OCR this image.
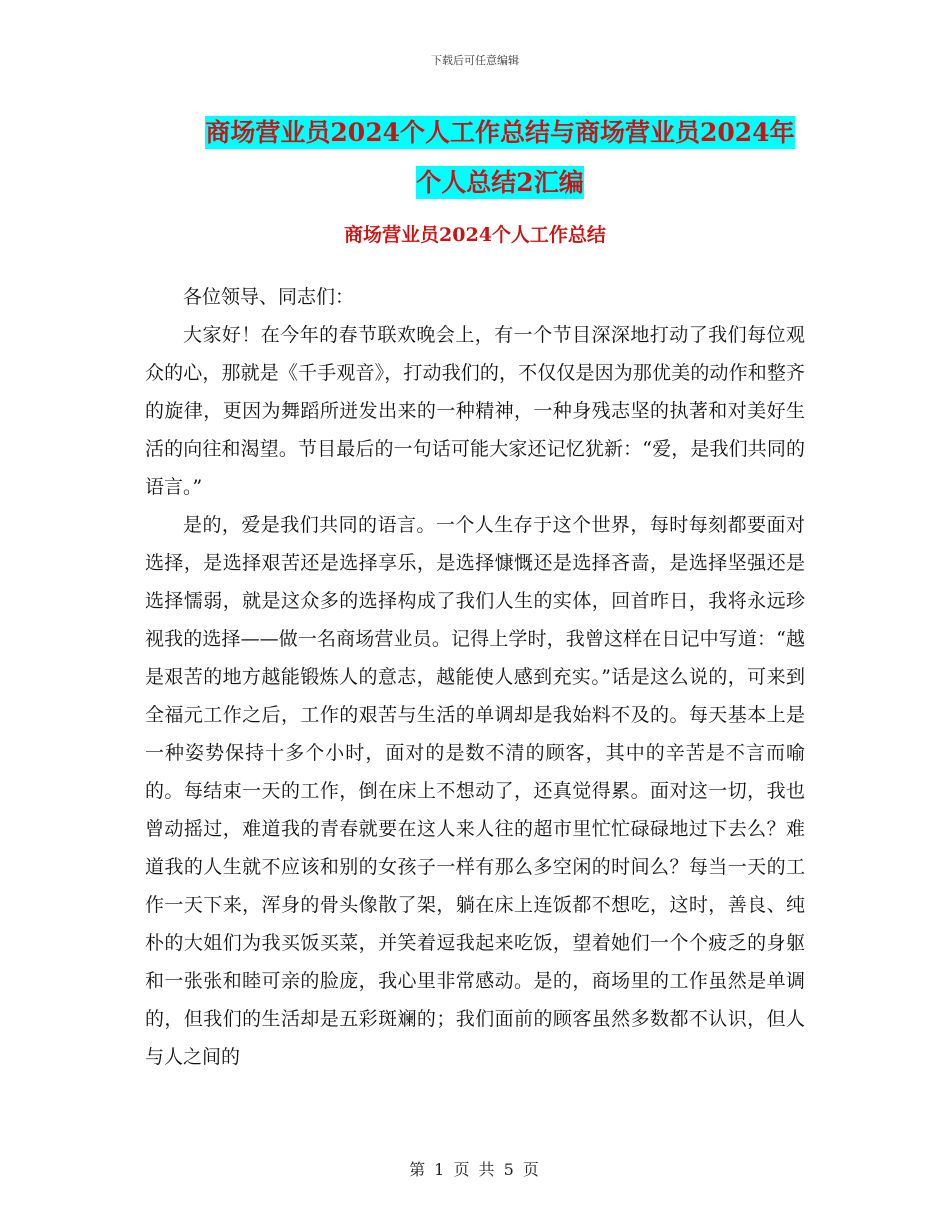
下载后可任意编辑
商场营业员2024个人工作总结与商场营业员2024年
个人总结2汇编
商场营业员2024个人工作总结

各位领导、同志们：

大家好！在今年的春节联欢晚会上，有一个节目深深地打动了我们每位观众的心，那就是《千手观音》，打动我们的，不仅仅是因为那优美的动作和整齐的旋律，更因为舞蹈所迸发出来的一种精神，一种身残志坚的执著和对美好生活的向往和渴望。节目最后的一句话可能大家还记忆犹新：“爱，是我们共同的语言。”

是的，爱是我们共同的语言。一个人生存于这个世界，每时每刻都要面对选择，是选择艰苦还是选择享乐，是选择慷慨还是选择吝啬，是选择坚强还是选择懦弱，就是这众多的选择构成了我们人生的实体，回首昨日，我将永远珍视我的选择——做一名商场营业员。记得上学时，我曾这样在日记中写道：“越是艰苦的地方越能锻炼人的意志，越能使人感到充实。”话是这么说的，可来到全福元工作之后，工作的艰苦与生活的单调却是我始料不及的。每天基本上是一种姿势保持十多个小时，面对的是数不清的顾客，其中的辛苦是不言而喻的。每结束一天的工作，倒在床上不想动了，还真觉得累。面对这一切，我也曾动摇过，难道我的青春就要在这人来人往的超市里忙忙碌碌地过下去么？难道我的人生就不应该和别的女孩子一样有那么多空闲的时间么？每当一天的工作一天下来，浑身的骨头像散了架，躺在床上连饭都不想吃，这时，善良、纯朴的大姐们为我买饭买菜，并笑着逗我起来吃饭，望着她们一个个疲乏的身躯和一张张和睦可亲的脸庞，我心里非常感动。是的，商场里的工作虽然是单调的，但我们的生活却是五彩斑斓的；我们面前的顾客虽然多数都不认识，但人与人之间的

第 1 页 共 5 页
